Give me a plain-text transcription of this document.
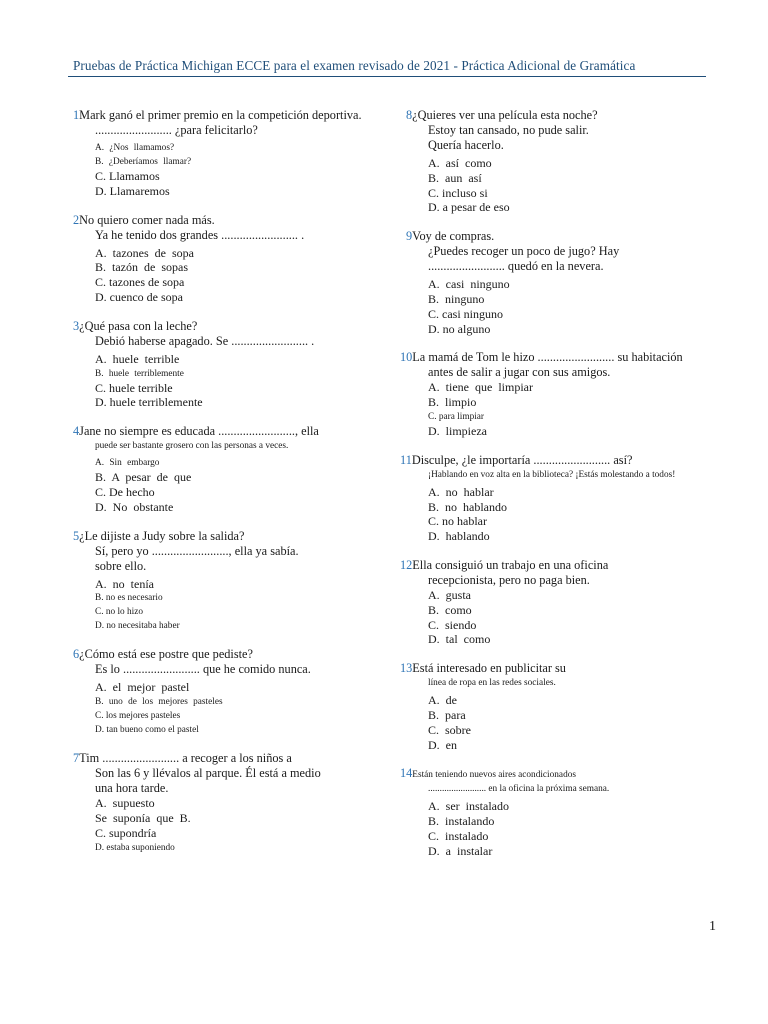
Pruebas de Práctica Michigan ECCE para el examen revisado de 2021 - Práctica Adicional de Gramática
1Mark ganó el primer premio en la competición deportiva.
......................... ¿para felicitarlo?
A. ¿Nos llamamos?
B. ¿Deberíamos llamar?
C. Llamamos
D. Llamaremos
2No quiero comer nada más.
Ya he tenido dos grandes ......................... .
A. tazones de sopa
B. tazón de sopas
C. tazones de sopa
D. cuenco de sopa
3¿Qué pasa con la leche?
Debió haberse apagado. Se ......................... .
A. huele terrible
B. huele terriblemente
C. huele terrible
D. huele terriblemente
4Jane no siempre es educada ........................., ella
puede ser bastante grosero con las personas a veces.
A. Sin embargo
B. A pesar de que
C. De hecho
D. No obstante
5¿Le dijiste a Judy sobre la salida?
Sí, pero yo ........................., ella ya sabía.
sobre ello.
A. no tenía
B. no es necesario
C. no lo hizo
D. no necesitaba haber
6¿Cómo está ese postre que pediste?
Es lo ......................... que he comido nunca.
A. el mejor pastel
B. uno de los mejores pasteles
C. los mejores pasteles
D. tan bueno como el pastel
7Tim ......................... a recoger a los niños a
Son las 6 y llévalos al parque. Él está a medio
una hora tarde.
A. supuesto
Se suponía que B.
C. supondría
D. estaba suponiendo
8¿Quieres ver una película esta noche?
Estoy tan cansado, no pude salir.
Quería hacerlo.
A. así como
B. aun así
C. incluso si
D. a pesar de eso
9Voy de compras.
¿Puedes recoger un poco de jugo? Hay
......................... quedó en la nevera.
A. casi ninguno
B. ninguno
C. casi ninguno
D. no alguno
10La mamá de Tom le hizo ......................... su habitación
antes de salir a jugar con sus amigos.
A. tiene que limpiar
B. limpio
C. para limpiar
D. limpieza
11Disculpe, ¿le importaría ......................... así?
¡Hablando en voz alta en la biblioteca? ¡Estás molestando a todos!
A. no hablar
B. no hablando
C. no hablar
D. hablando
12Ella consiguió un trabajo en una oficina
recepcionista, pero no paga bien.
A. gusta
B. como
C. siendo
D. tal como
13Está interesado en publicitar su
línea de ropa en las redes sociales.
A. de
B. para
C. sobre
D. en
14Están teniendo nuevos aires acondicionados
......................... en la oficina la próxima semana.
A. ser instalado
B. instalando
C. instalado
D. a instalar
1
